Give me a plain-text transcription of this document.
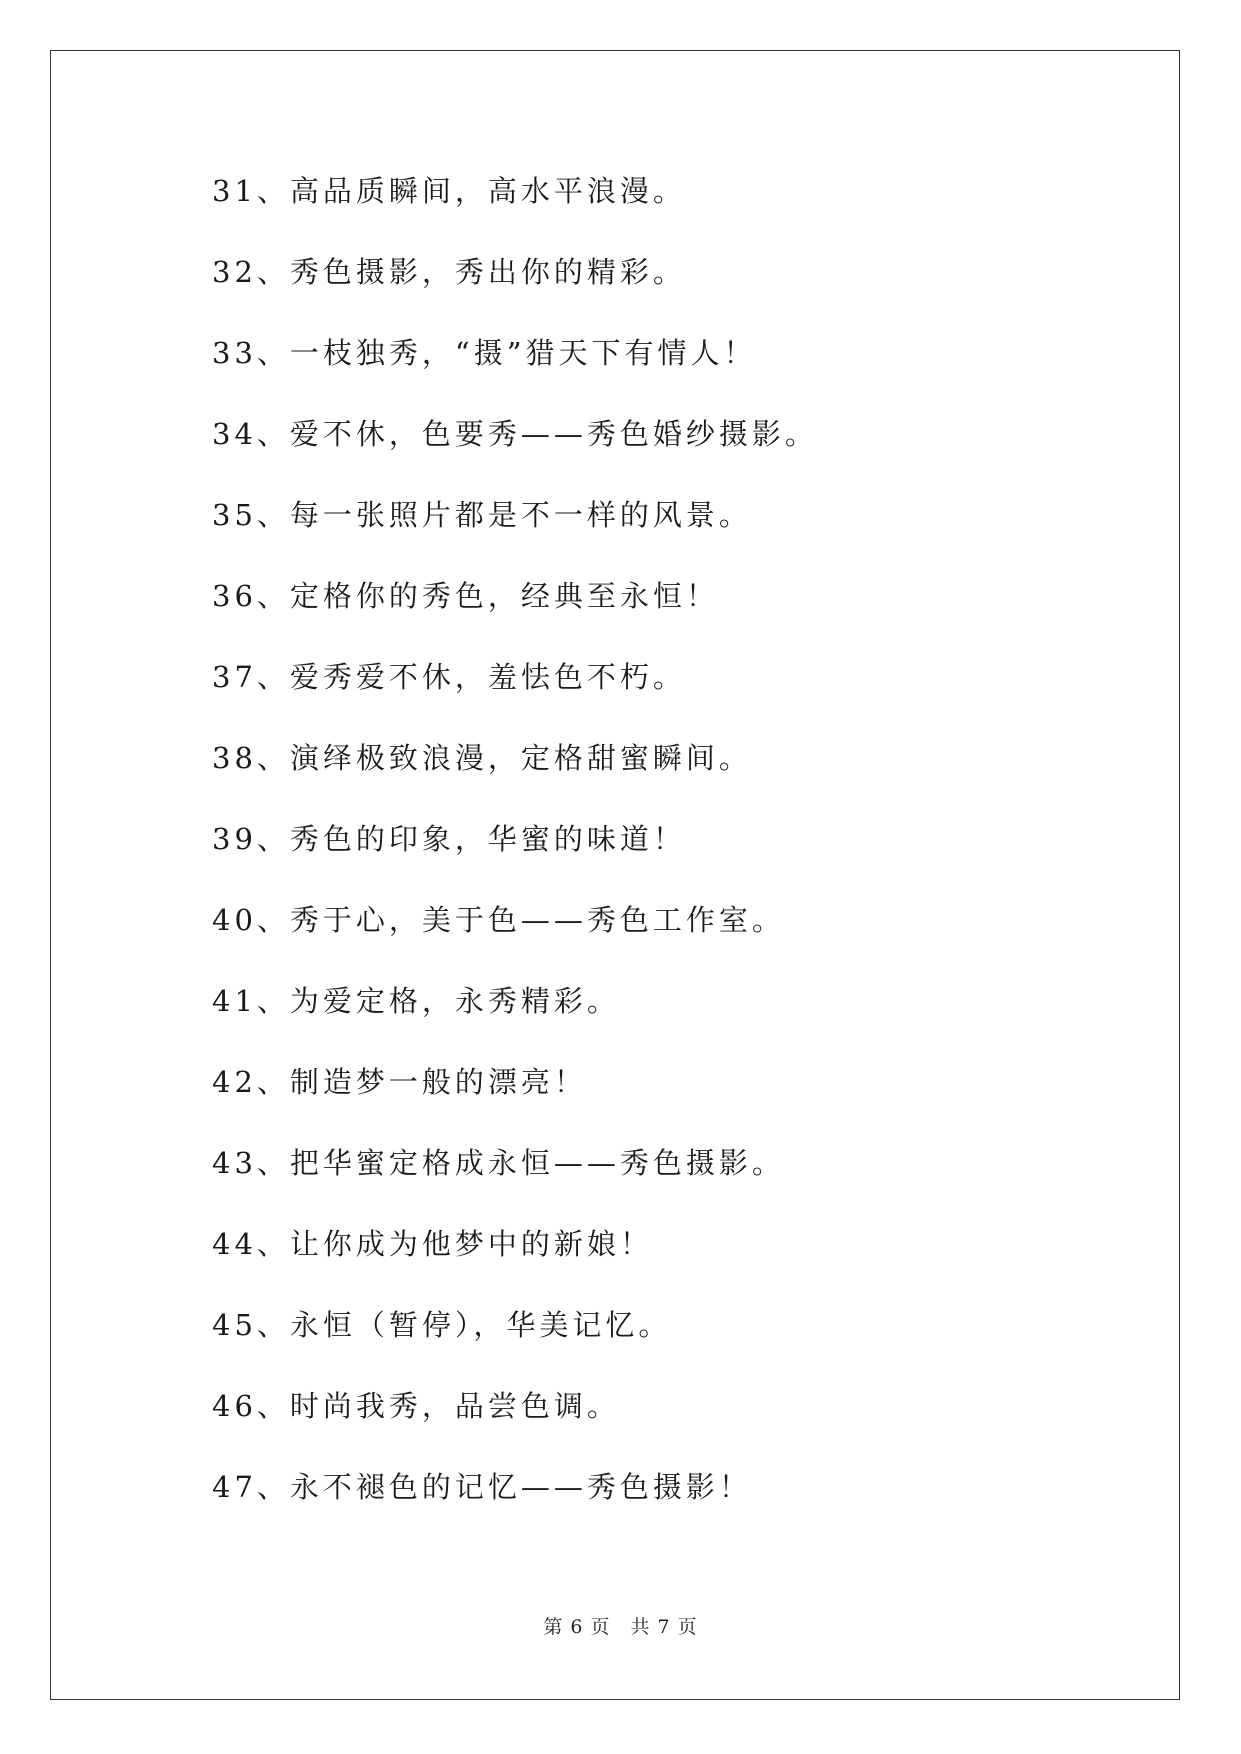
31、高品质瞬间，高水平浪漫。
32、秀色摄影，秀出你的精彩。
33、一枝独秀，“摄”猎天下有情人！
34、爱不休，色要秀——秀色婚纱摄影。
35、每一张照片都是不一样的风景。
36、定格你的秀色，经典至永恒！
37、爱秀爱不休，羞怯色不朽。
38、演绎极致浪漫，定格甜蜜瞬间。
39、秀色的印象，华蜜的味道！
40、秀于心，美于色——秀色工作室。
41、为爱定格，永秀精彩。
42、制造梦一般的漂亮！
43、把华蜜定格成永恒——秀色摄影。
44、让你成为他梦中的新娘！
45、永恒（暂停），华美记忆。
46、时尚我秀，品尝色调。
47、永不褪色的记忆——秀色摄影！
第 6 页　共 7 页
